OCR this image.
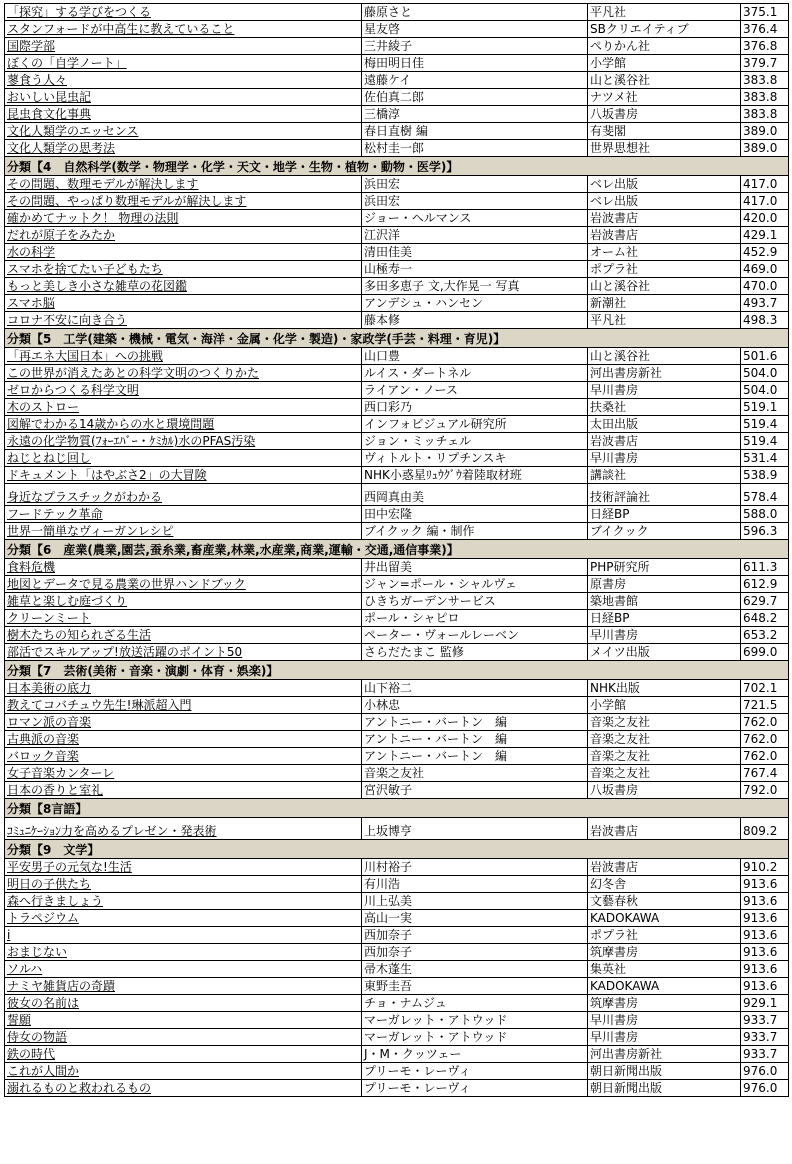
「探究」する学びをつくる	藤原さと	平凡社	375.1
スタンフォードが中高生に教えていること	星友啓	SBクリエイティブ	376.4
国際学部	三井綾子	ぺりかん社	376.8
ぼくの「自学ノート」	梅田明日佳	小学館	379.7
蓼食う人々	遠藤ケイ	山と溪谷社	383.8
おいしい昆虫記	佐伯真二郎	ナツメ社	383.8
昆虫食文化事典	三橋淳	八坂書房	383.8
文化人類学のエッセンス	春日直樹 編	有斐閣	389.0
文化人類学の思考法	松村圭一郎	世界思想社	389.0
分類【4　自然科学(数学・物理学・化学・天文・地学・生物・植物・動物・医学)】			
その問題、数理モデルが解決します	浜田宏	ベレ出版	417.0
その問題、やっぱり数理モデルが解決します	浜田宏	ベレ出版	417.0
確かめてナットク！ 物理の法則	ジョー・ヘルマンス	岩波書店	420.0
だれが原子をみたか	江沢洋	岩波書店	429.1
水の科学	清田佳美	オーム社	452.9
スマホを捨てたい子どもたち	山極寿一	ポプラ社	469.0
もっと美しき小さな雑草の花図鑑	多田多恵子 文,大作晃一 写真	山と溪谷社	470.0
スマホ脳	アンデシュ・ハンセン	新潮社	493.7
コロナ不安に向き合う	藤本修	平凡社	498.3
分類【5　工学(建築・機械・電気・海洋・金属・化学・製造)・家政学(手芸・料理・育児)】			
「再エネ大国日本」への挑戦	山口豊	山と溪谷社	501.6
この世界が消えたあとの科学文明のつくりかた	ルイス・ダートネル	河出書房新社	504.0
ゼロからつくる科学文明	ライアン・ノース	早川書房	504.0
木のストロー	西口彩乃	扶桑社	519.1
図解でわかる14歳からの水と環境問題	インフォビジュアル研究所	太田出版	519.4
永遠の化学物質(ﾌｫｰｴﾊﾞｰ・ｹﾐｶﾙ)水のPFAS汚染	ジョン・ミッチェル	岩波書店	519.4
ねじとねじ回し	ヴィトルト・リプチンスキ	早川書房	531.4
ドキュメント「はやぶさ2」の大冒険	NHK小惑星ﾘｭｳｸﾞｳ着陸取材班	講談社	538.9
身近なプラスチックがわかる	西岡真由美	技術評論社	578.4
フードテック革命	田中宏隆	日経BP	588.0
世界一簡単なヴィーガンレシピ	ブイクック 編・制作	ブイクック	596.3
分類【6　産業(農業,園芸,蚕糸業,畜産業,林業,水産業,商業,運輸・交通,通信事業)】			
食料危機	井出留美	PHP研究所	611.3
地図とデータで見る農業の世界ハンドブック	ジャン=ポール・シャルヴェ	原書房	612.9
雑草と楽しむ庭づくり	ひきちガーデンサービス	築地書館	629.7
クリーンミート	ポール・シャピロ	日経BP	648.2
樹木たちの知られざる生活	ペーター・ヴォールレーベン	早川書房	653.2
部活でスキルアップ!放送活躍のポイント50	さらだたまこ 監修	メイツ出版	699.0
分類【7　芸術(美術・音楽・演劇・体育・娯楽)】			
日本美術の底力	山下裕二	NHK出版	702.1
教えてコバチュウ先生!琳派超入門	小林忠	小学館	721.5
ロマン派の音楽	アントニー・バートン　編	音楽之友社	762.0
古典派の音楽	アントニー・バートン　編	音楽之友社	762.0
バロック音楽	アントニー・バートン　編	音楽之友社	762.0
女子音楽カンターレ	音楽之友社	音楽之友社	767.4
日本の香りと室礼	宮沢敏子	八坂書房	792.0
分類【8言語】			
ｺﾐｭﾆｹｰｼｮﾝ力を高めるプレゼン・発表術	上坂博亨	岩波書店	809.2
分類【9　文学】			
平安男子の元気な!生活	川村裕子	岩波書店	910.2
明日の子供たち	有川浩	幻冬舎	913.6
森へ行きましょう	川上弘美	文藝春秋	913.6
トラペジウム	高山一実	KADOKAWA	913.6
i	西加奈子	ポプラ社	913.6
おまじない	西加奈子	筑摩書房	913.6
ソルハ	帚木蓬生	集英社	913.6
ナミヤ雑貨店の奇蹟	東野圭吾	KADOKAWA	913.6
彼女の名前は	チョ・ナムジュ	筑摩書房	929.1
誓願	マーガレット・アトウッド	早川書房	933.7
侍女の物語	マーガレット・アトウッド	早川書房	933.7
鉄の時代	J・M・クッツェー	河出書房新社	933.7
これが人間か	プリーモ・レーヴィ	朝日新聞出版	976.0
溺れるものと救われるもの	プリーモ・レーヴィ	朝日新聞出版	976.0
